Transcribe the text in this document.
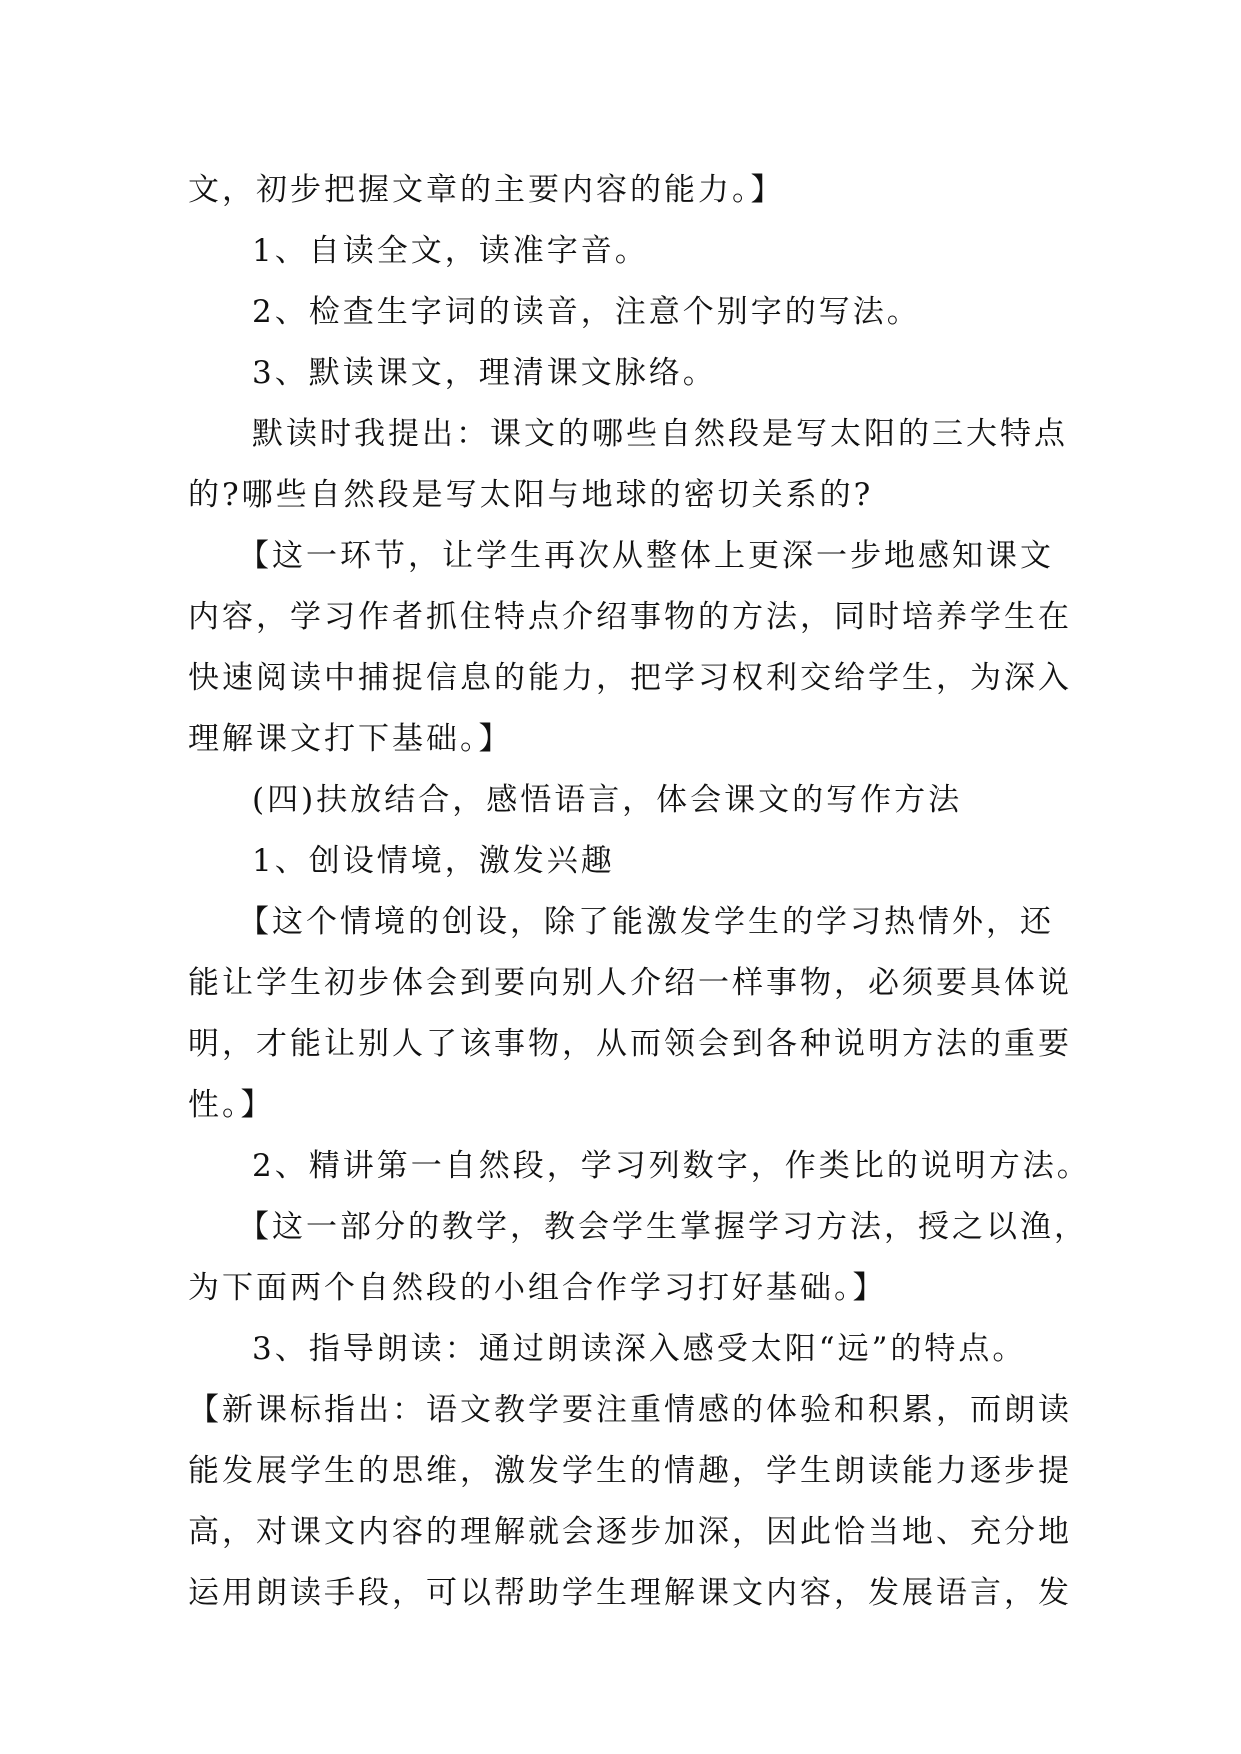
文，初步把握文章的主要内容的能力。】
1、自读全文，读准字音。
2、检查生字词的读音，注意个别字的写法。
3、默读课文，理清课文脉络。
默读时我提出：课文的哪些自然段是写太阳的三大特点
的?哪些自然段是写太阳与地球的密切关系的?
【这一环节，让学生再次从整体上更深一步地感知课文
内容，学习作者抓住特点介绍事物的方法，同时培养学生在
快速阅读中捕捉信息的能力，把学习权利交给学生，为深入
理解课文打下基础。】
(四)扶放结合，感悟语言，体会课文的写作方法
1、创设情境，激发兴趣
【这个情境的创设，除了能激发学生的学习热情外，还
能让学生初步体会到要向别人介绍一样事物，必须要具体说
明，才能让别人了该事物，从而领会到各种说明方法的重要
性。】
2、精讲第一自然段，学习列数字，作类比的说明方法。
【这一部分的教学，教会学生掌握学习方法，授之以渔，
为下面两个自然段的小组合作学习打好基础。】
3、指导朗读：通过朗读深入感受太阳“远”的特点。
【新课标指出：语文教学要注重情感的体验和积累，而朗读
能发展学生的思维，激发学生的情趣，学生朗读能力逐步提
高，对课文内容的理解就会逐步加深，因此恰当地、充分地
运用朗读手段，可以帮助学生理解课文内容，发展语言，发
